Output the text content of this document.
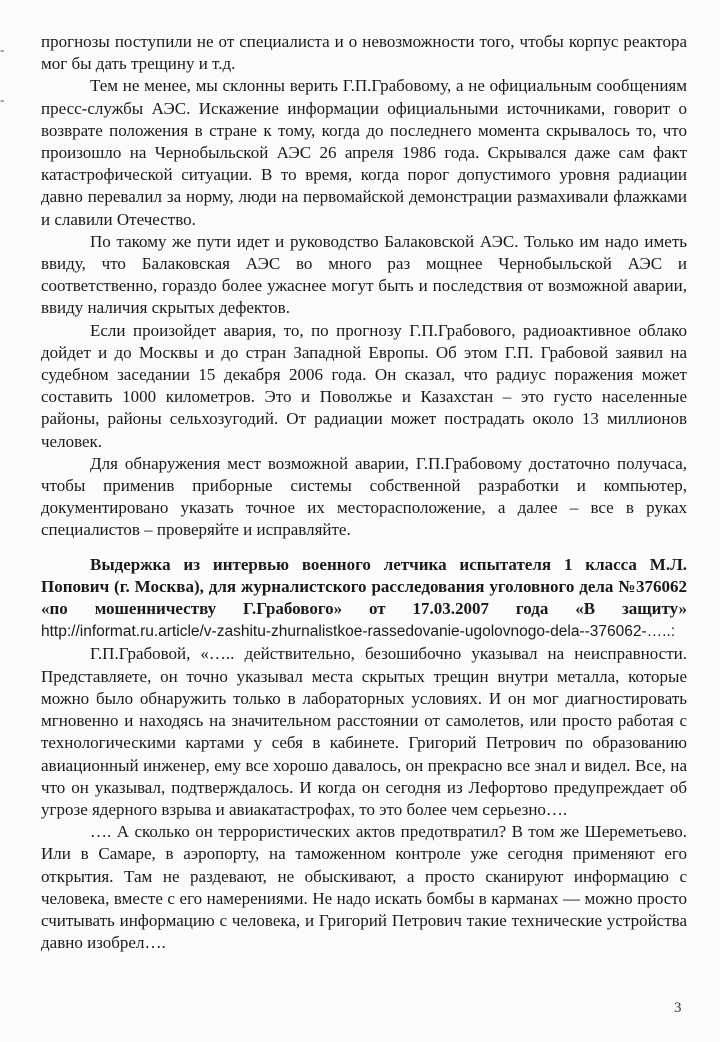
-
-

прогнозы поступили не от специалиста и о невозможности того, чтобы корпус реактора мог бы дать трещину и т.д.

Тем не менее, мы склонны верить Г.П.Грабовому, а не официальным сообщениям пресс-службы АЭС. Искажение информации официальными источниками, говорит о возврате положения в стране к тому, когда до последнего момента скрывалось то, что произошло на Чернобыльской АЭС 26 апреля 1986 года. Скрывался даже сам факт катастрофической ситуации. В то время, когда порог допустимого уровня радиации давно перевалил за норму, люди на первомайской демонстрации размахивали флажками и славили Отечество.

По такому же пути идет и руководство Балаковской АЭС. Только им надо иметь ввиду, что Балаковская АЭС во много раз мощнее Чернобыльской АЭС и соответственно, гораздо более ужаснее могут быть и последствия от возможной аварии, ввиду наличия скрытых дефектов.

Если произойдет авария, то, по прогнозу Г.П.Грабового, радиоактивное облако дойдет и до Москвы и до стран Западной Европы. Об этом Г.П. Грабовой заявил на судебном заседании 15 декабря 2006 года. Он сказал, что радиус поражения может составить 1000 километров. Это и Поволжье и Казахстан – это густо населенные районы, районы сельхозугодий. От радиации может пострадать около 13 миллионов человек.

Для обнаружения мест возможной аварии, Г.П.Грабовому достаточно получаса, чтобы применив приборные системы собственной разработки и компьютер, документировано указать точное их месторасположение, а далее – все в руках специалистов – проверяйте и исправляйте.

Выдержка из интервью военного летчика испытателя 1 класса М.Л. Попович (г. Москва), для журналистского расследования уголовного дела №376062 «по мошенничеству Г.Грабового» от 17.03.2007 года «В защиту» http://informat.ru.article/v-zashitu-zhurnalistkoe-rassedovanie-ugolovnogo-dela--376062-…..:

Г.П.Грабовой, «….. действительно, безошибочно указывал на неисправности. Представляете, он точно указывал места скрытых трещин внутри металла, которые можно было обнаружить только в лабораторных условиях. И он мог диагностировать мгновенно и находясь на значительном расстоянии от самолетов, или просто работая с технологическими картами у себя в кабинете. Григорий Петрович по образованию авиационный инженер, ему все хорошо давалось, он прекрасно все знал и видел. Все, на что он указывал, подтверждалось. И когда он сегодня из Лефортово предупреждает об угрозе ядерного взрыва и авиакатастрофах, то это более чем серьезно….

…. А сколько он террористических актов предотвратил? В том же Шереметьево. Или в Самаре, в аэропорту, на таможенном контроле уже сегодня применяют его открытия. Там не раздевают, не обыскивают, а просто сканируют информацию с человека, вместе с его намерениями. Не надо искать бомбы в карманах — можно просто считывать информацию с человека, и Григорий Петрович такие технические устройства давно изобрел….

3
